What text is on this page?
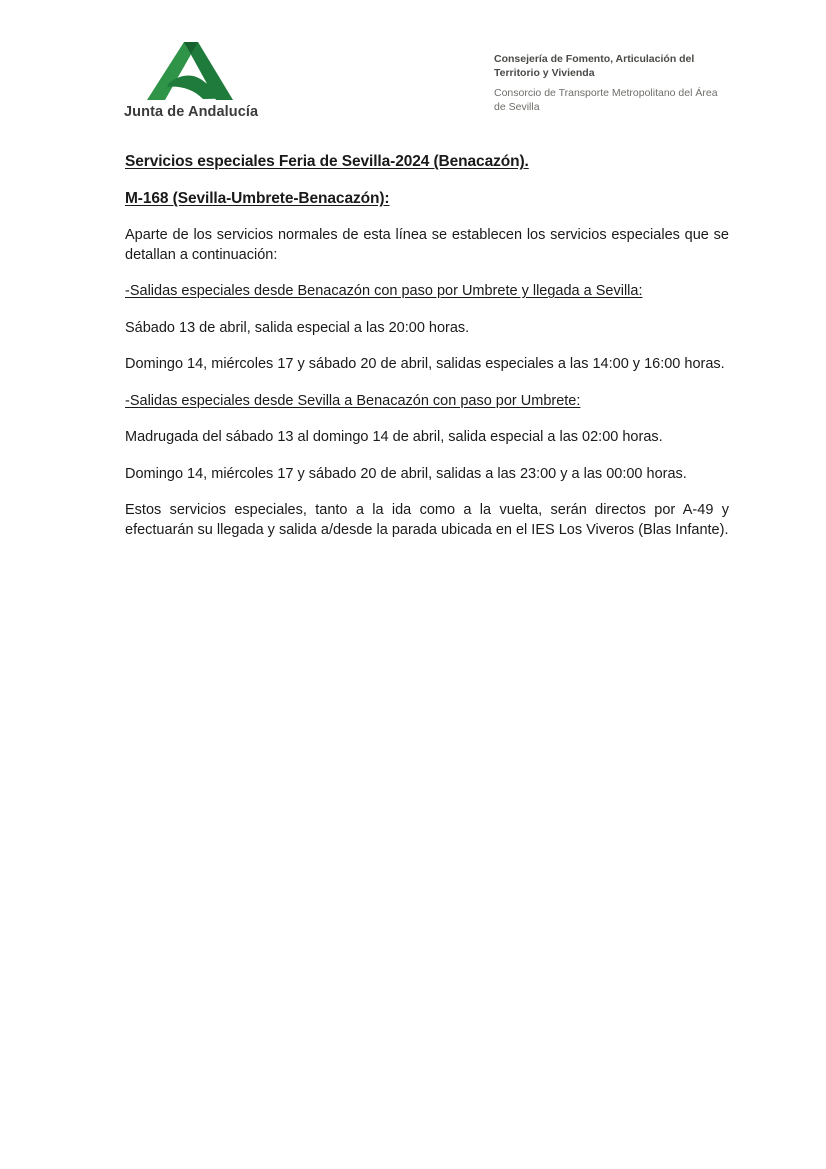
Junta de Andalucía
Consejería de Fomento, Articulación del
Territorio y Vivienda
Consorcio de Transporte Metropolitano del Área
de Sevilla

Servicios especiales Feria de Sevilla-2024 (Benacazón).

M-168 (Sevilla-Umbrete-Benacazón):

Aparte de los servicios normales de esta línea se establecen los servicios especiales que se detallan a continuación:

-Salidas especiales desde Benacazón con paso por Umbrete y llegada a Sevilla:

Sábado 13 de abril, salida especial a las 20:00 horas.

Domingo 14, miércoles 17 y sábado 20 de abril, salidas especiales a las 14:00 y 16:00 horas.

-Salidas especiales desde Sevilla a Benacazón con paso por Umbrete:

Madrugada del sábado 13 al domingo 14 de abril, salida especial a las 02:00 horas.

Domingo 14, miércoles 17 y sábado 20 de abril, salidas a las 23:00 y a las 00:00 horas.

Estos servicios especiales, tanto a la ida como a la vuelta, serán directos por A-49 y efectuarán su llegada y salida a/desde la parada ubicada en el IES Los Viveros (Blas Infante).
